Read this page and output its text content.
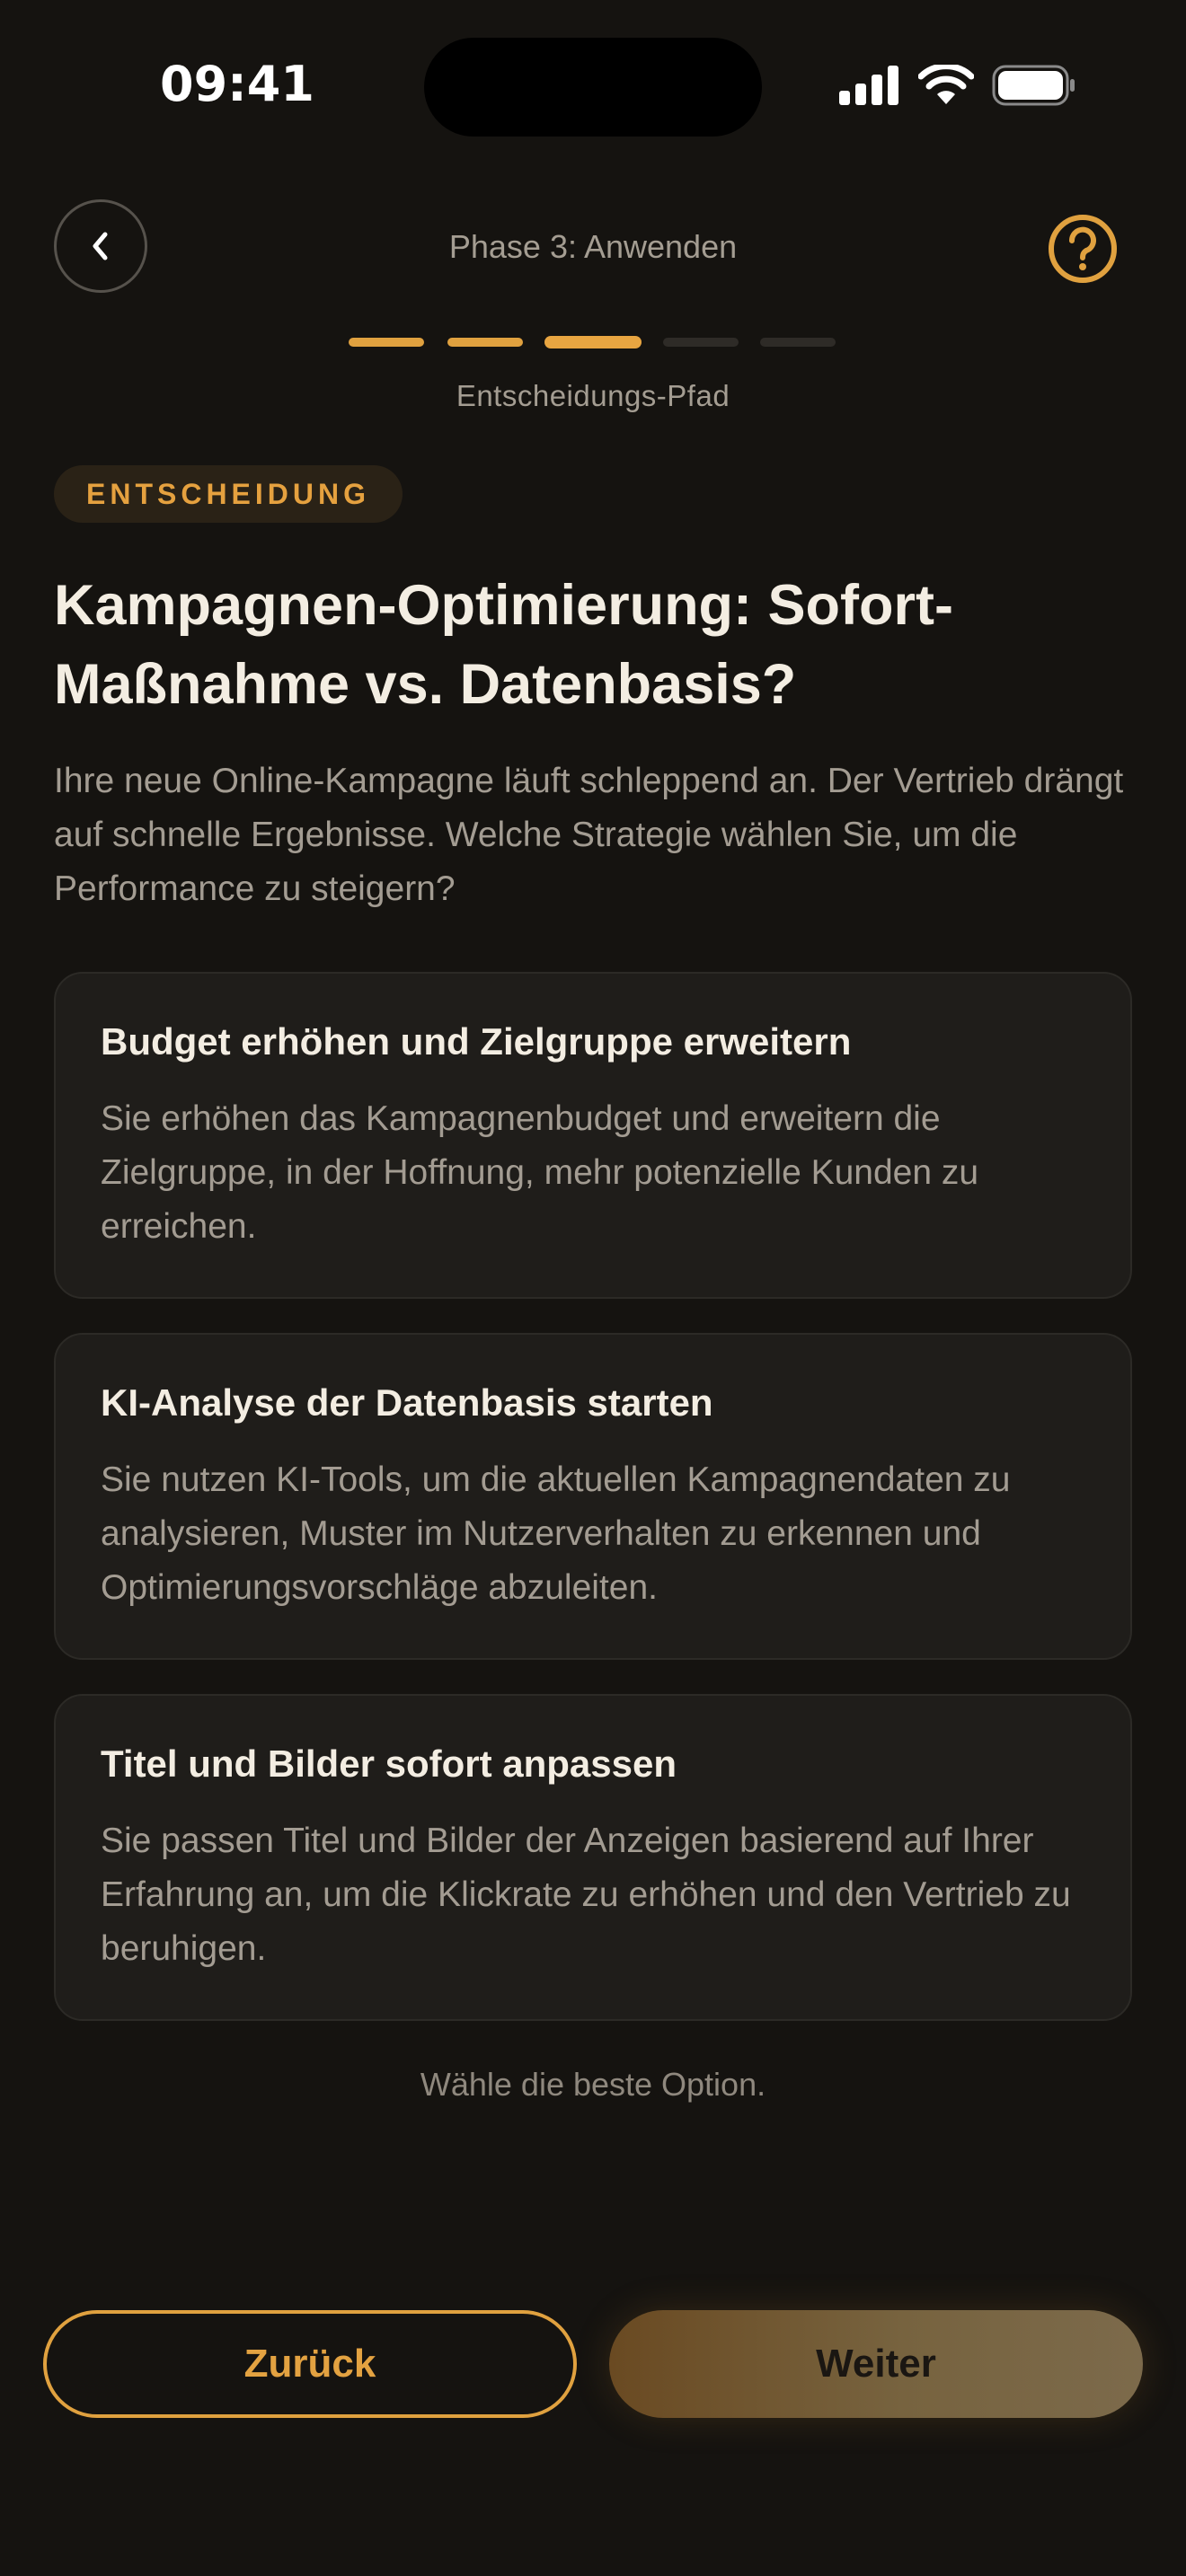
09:41
Phase 3: Anwenden
Entscheidungs-Pfad
ENTSCHEIDUNG
Kampagnen-Optimierung: Sofort-Maßnahme vs. Datenbasis?

Ihre neue Online-Kampagne läuft schleppend an. Der Vertrieb drängt auf schnelle Ergebnisse. Welche Strategie wählen Sie, um die Performance zu steigern?

Budget erhöhen und Zielgruppe erweitern

Sie erhöhen das Kampagnenbudget und erweitern die Zielgruppe, in der Hoffnung, mehr potenzielle Kunden zu erreichen.

KI-Analyse der Datenbasis starten

Sie nutzen KI-Tools, um die aktuellen Kampagnendaten zu analysieren, Muster im Nutzerverhalten zu erkennen und Optimierungsvorschläge abzuleiten.

Titel und Bilder sofort anpassen

Sie passen Titel und Bilder der Anzeigen basierend auf Ihrer Erfahrung an, um die Klickrate zu erhöhen und den Vertrieb zu beruhigen.

Wähle die beste Option.
Zurück	Weiter
